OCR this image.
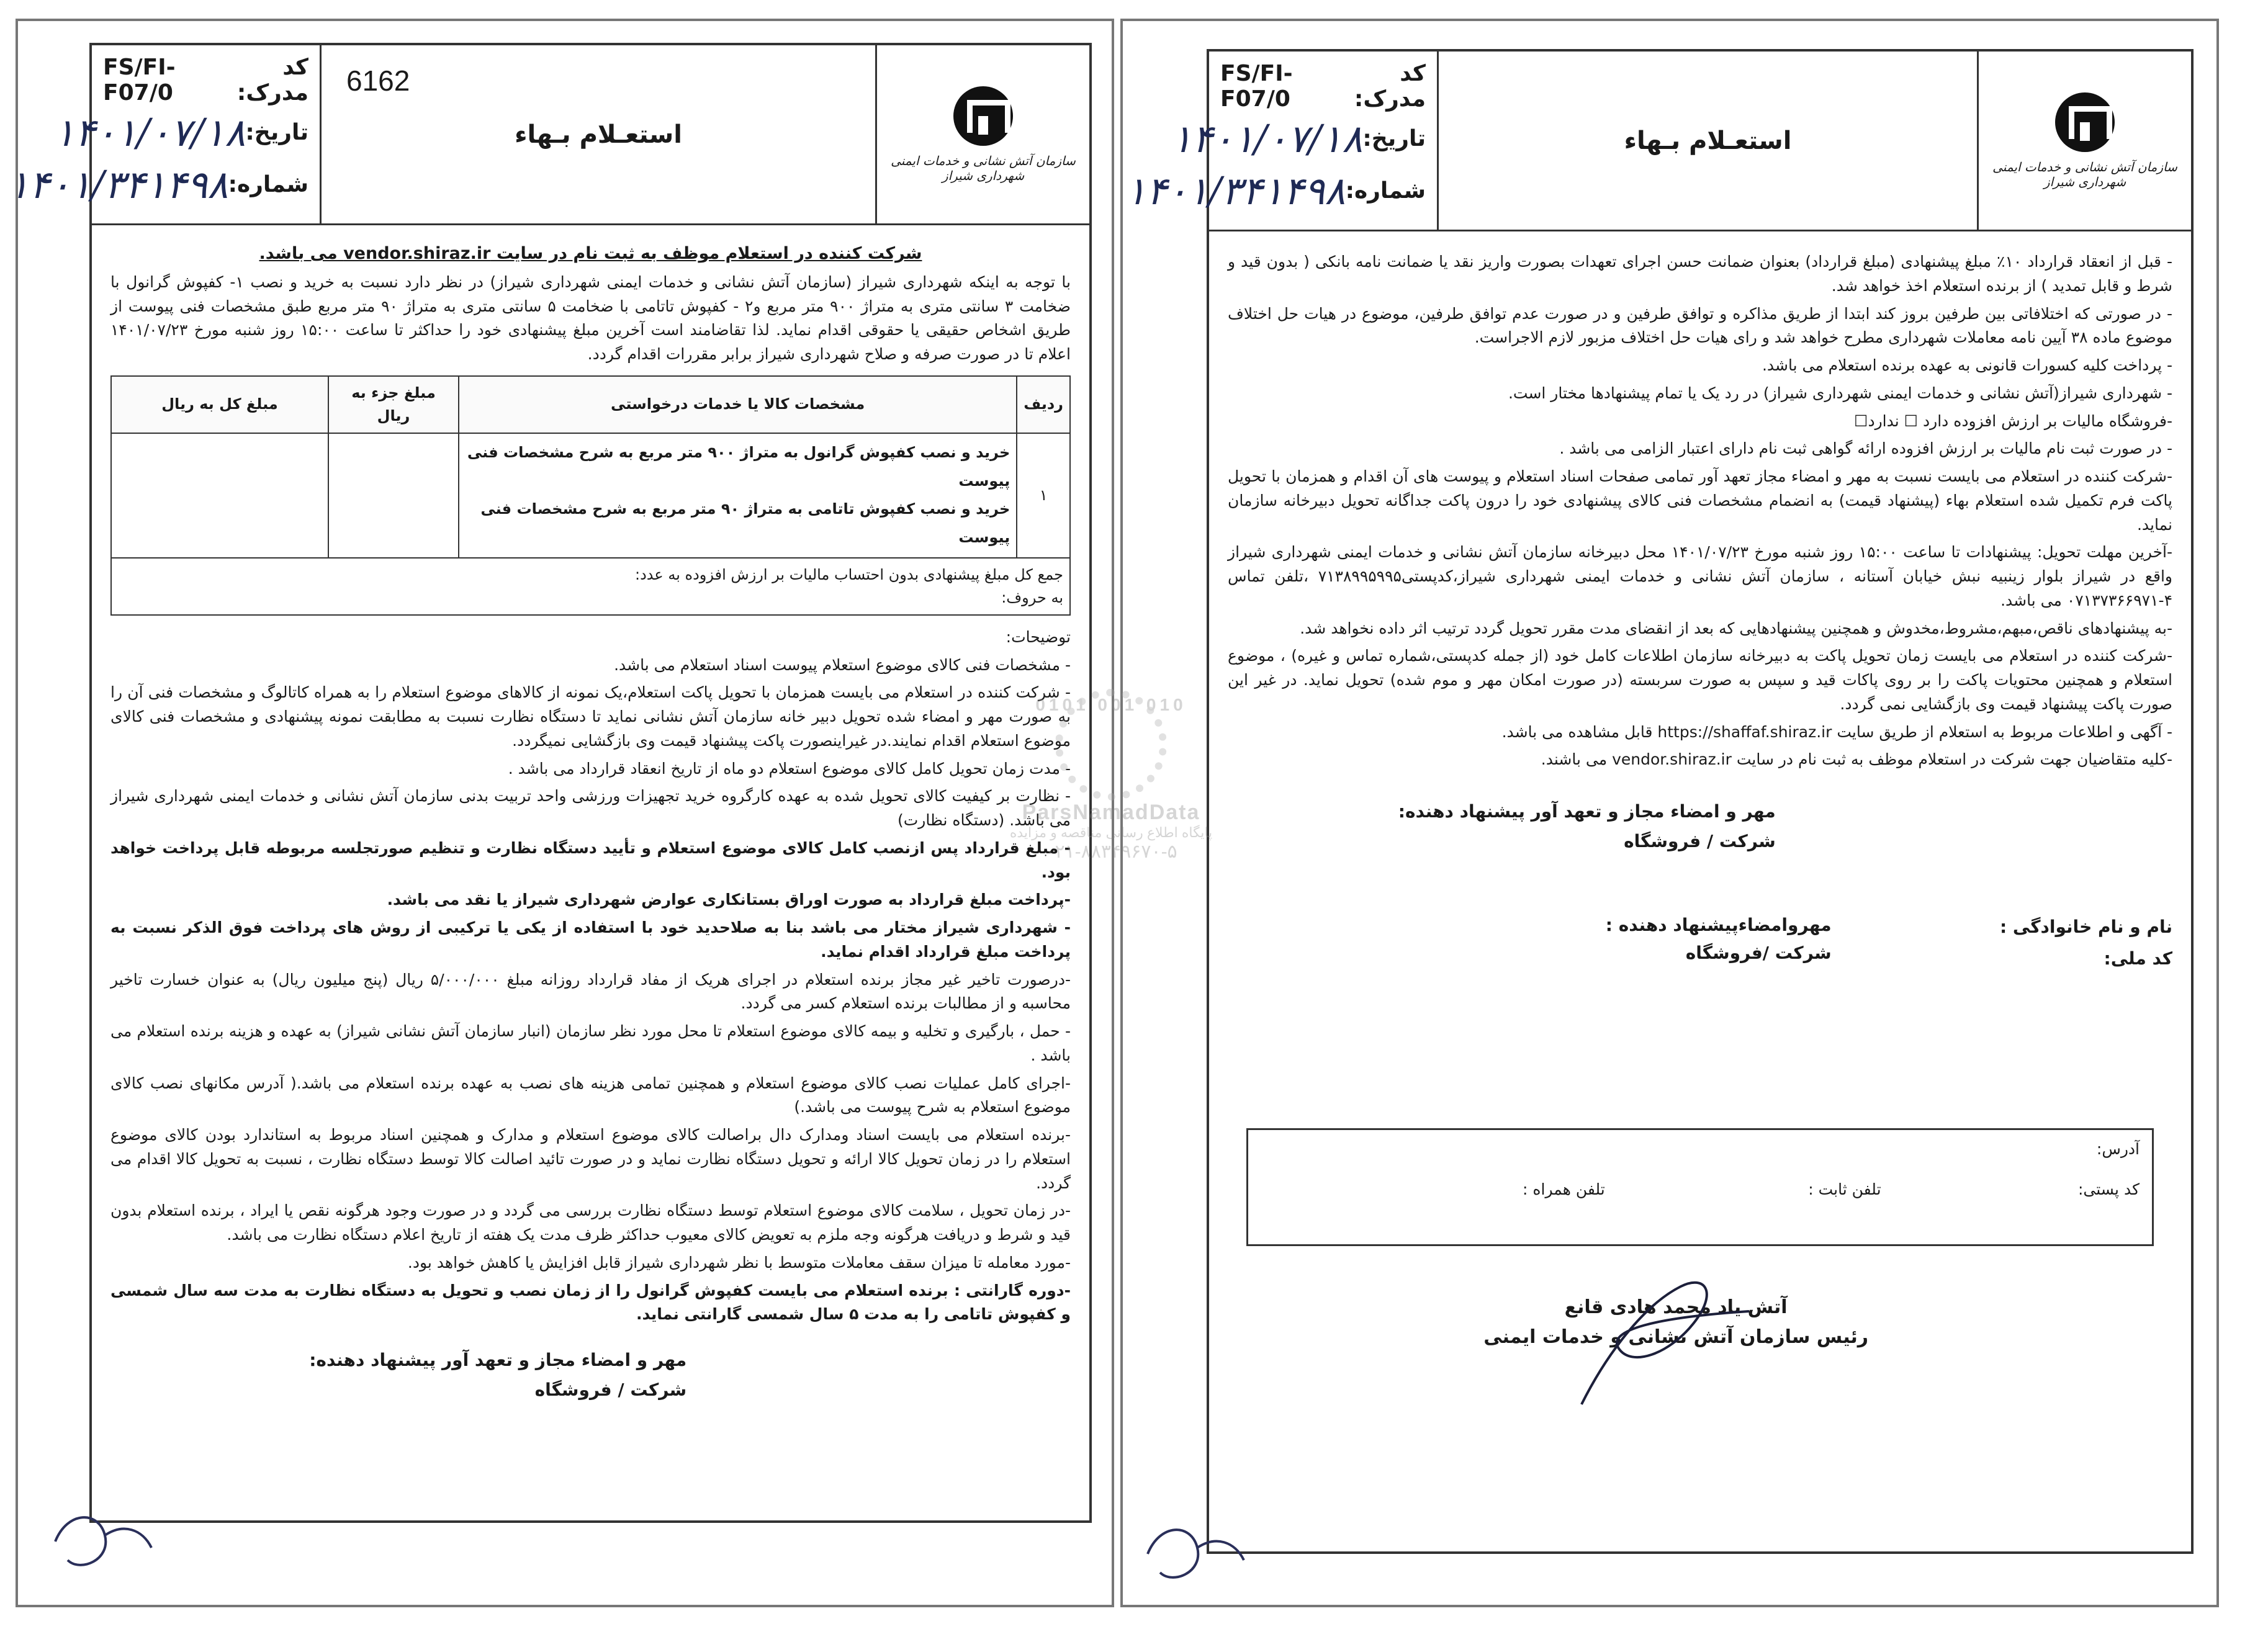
کد مدرک:
FS/FI-F07/0
تاریخ:
۱۴۰۱/۰۷/۱۸
شماره:
۱۴۰۱/۳۴۱۴۹۸
6162
استعـلام بـهاء
سازمان آتش نشانی و خدمات ایمنی شهرداری شیراز

شرکت کننده در استعلام موظف به ثبت نام در سایت vendor.shiraz.ir می باشد.

با توجه به اینکه شهرداری شیراز (سازمان آتش نشانی و خدمات ایمنی شهرداری شیراز) در نظر دارد نسبت به خرید و نصب ۱- کفپوش گرانول با ضخامت ۳ سانتی متری به متراژ ۹۰۰ متر مربع و۲ - کفپوش تاتامی با ضخامت ۵ سانتی متری به متراژ ۹۰ متر مربع طبق مشخصات فنی پیوست از طریق اشخاص حقیقی یا حقوقی اقدام نماید. لذا تقاضامند است آخرین مبلغ پیشنهادی خود را حداکثر تا ساعت ۱۵:۰۰ روز شنبه مورخ ۱۴۰۱/۰۷/۲۳ اعلام تا در صورت صرفه و صلاح شهرداری شیراز برابر مقررات اقدام گردد.

ردیف	مشخصات کالا یا خدمات درخواستی	مبلغ جزء به ریال	مبلغ کل به ریال
۱	خرید و نصب کفپوش گرانول به متراژ ۹۰۰ متر مربع به شرح مشخصات فنی پیوست
خرید و نصب کفپوش تاتامی به متراژ ۹۰ متر مربع به شرح مشخصات فنی پیوست		

جمع کل مبلغ پیشنهادی بدون احتساب مالیات بر ارزش افزوده به عدد:
به حروف:			

توضیحات:

- مشخصات فنی کالای موضوع استعلام پیوست اسناد استعلام می باشد.

- شرکت کننده در استعلام می بایست همزمان با تحویل پاکت استعلام،یک نمونه از کالاهای موضوع استعلام را به همراه کاتالوگ و مشخصات فنی آن را به صورت مهر و امضاء شده تحویل دبیر خانه سازمان آتش نشانی نماید تا دستگاه نظارت نسبت به مطابقت نمونه پیشنهادی و مشخصات فنی کالای موضوع استعلام اقدام نمایند.در غیراینصورت پاکت پیشنهاد قیمت وی بازگشایی نمیگردد.

- مدت زمان تحویل کامل کالای موضوع استعلام دو ماه از تاریخ انعقاد قرارداد می باشد .

- نظارت بر کیفیت کالای تحویل شده به عهده کارگروه خرید تجهیزات ورزشی واحد تربیت بدنی سازمان آتش نشانی و خدمات ایمنی شهرداری شیراز می باشد. (دستگاه نظارت)

- مبلغ قرارداد پس ازنصب کامل کالای موضوع استعلام و تأیید دستگاه نظارت و تنظیم صورتجلسه مربوطه قابل پرداخت خواهد بود.

-پرداخت مبلغ قرارداد به صورت اوراق بستانکاری عوارض شهرداری شیراز یا نقد می باشد.

- شهرداری شیراز مختار می باشد بنا به صلاحدید خود با استفاده از یکی یا ترکیبی از روش های پرداخت فوق الذکر نسبت به پرداخت مبلغ قرارداد اقدام نماید.

-درصورت تاخیر غیر مجاز برنده استعلام در اجرای هریک از مفاد قرارداد روزانه مبلغ ۵/۰۰۰/۰۰۰ ریال (پنج میلیون ریال) به عنوان خسارت تاخیر محاسبه و از مطالبات برنده استعلام کسر می گردد.

- حمل ، بارگیری و تخلیه و بیمه کالای موضوع استعلام تا محل مورد نظر سازمان (انبار سازمان آتش نشانی شیراز) به عهده و هزینه برنده استعلام می باشد .

-اجرای کامل عملیات نصب کالای موضوع استعلام و همچنین تمامی هزینه های نصب به عهده برنده استعلام می باشد.( آدرس مکانهای نصب کالای موضوع استعلام به شرح پیوست می باشد.)

-برنده استعلام می بایست اسناد ومدارک دال براصالت کالای موضوع استعلام و مدارک و همچنین اسناد مربوط به استاندارد بودن کالای موضوع استعلام را در زمان تحویل کالا ارائه و تحویل دستگاه نظارت نماید و در صورت تائید اصالت کالا توسط دستگاه نظارت ، نسبت به تحویل کالا اقدام می گردد.

-در زمان تحویل ، سلامت کالای موضوع استعلام توسط دستگاه نظارت بررسی می گردد و در صورت وجود هرگونه نقص یا ایراد ، برنده استعلام بدون قید و شرط و دریافت هرگونه وجه ملزم به تعویض کالای معیوب حداکثر ظرف مدت یک هفته از تاریخ اعلام دستگاه نظارت می باشد.

-مورد معامله تا میزان سقف معاملات متوسط با نظر شهرداری شیراز قابل افزایش یا کاهش خواهد بود.

-دوره گارانتی : برنده استعلام می بایست کفپوش گرانول را از زمان نصب و تحویل به دستگاه نظارت به مدت سه سال شمسی و کفپوش تاتامی را به مدت ۵ سال شمسی گارانتی نماید.

مهر و امضاء مجاز و تعهد آور پیشنهاد دهنده:
شرکت / فروشگاه
کد مدرک:
FS/FI-F07/0
تاریخ:
۱۴۰۱/۰۷/۱۸
شماره:
۱۴۰۱/۳۴۱۴۹۸
استعـلام بـهاء
سازمان آتش نشانی و خدمات ایمنی شهرداری شیراز

- قبل از انعقاد قرارداد ۱۰٪ مبلغ پیشنهادی (مبلغ قرارداد) بعنوان ضمانت حسن اجرای تعهدات بصورت واریز نقد یا ضمانت نامه بانکی ( بدون قید و شرط و قابل تمدید ) از برنده استعلام اخذ خواهد شد.

- در صورتی که اختلافاتی بین طرفین بروز کند ابتدا از طریق مذاکره و توافق طرفین و در صورت عدم توافق طرفین، موضوع در هیات حل اختلاف موضوع ماده ۳۸ آیین نامه معاملات شهرداری مطرح خواهد شد و رای هیات حل اختلاف مزبور لازم الاجراست.

- پرداخت کلیه کسورات قانونی به عهده برنده استعلام می باشد.

- شهرداری شیراز(آتش نشانی و خدمات ایمنی شهرداری شیراز) در رد یک یا تمام پیشنهادها مختار است.

-فروشگاه مالیات بر ارزش افزوده دارد ☐ ندارد☐

- در صورت ثبت نام مالیات بر ارزش افزوده ارائه گواهی ثبت نام دارای اعتبار الزامی می باشد .

-شرکت کننده در استعلام می بایست نسبت به مهر و امضاء مجاز تعهد آور تمامی صفحات اسناد استعلام و پیوست های آن اقدام و همزمان با تحویل پاکت فرم تکمیل شده استعلام بهاء (پیشنهاد قیمت) به انضمام مشخصات فنی کالای پیشنهادی خود را درون پاکت جداگانه تحویل دبیرخانه سازمان نماید.

-آخرین مهلت تحویل: پیشنهادات تا ساعت ۱۵:۰۰ روز شنبه مورخ ۱۴۰۱/۰۷/۲۳ محل دبیرخانه سازمان آتش نشانی و خدمات ایمنی شهرداری شیراز واقع در شیراز بلوار زینبیه نبش خیابان آستانه ، سازمان آتش نشانی و خدمات ایمنی شهرداری شیراز،کدپستی۷۱۳۸۹۹۵۹۹۵ ،تلفن تماس ۴-۰۷۱۳۷۳۶۶۹۷۱ می باشد.

-به پیشنهادهای ناقص،مبهم،مشروط،مخدوش و همچنین پیشنهادهایی که بعد از انقضای مدت مقرر تحویل گردد ترتیب اثر داده نخواهد شد.

-شرکت کننده در استعلام می بایست زمان تحویل پاکت به دبیرخانه سازمان اطلاعات کامل خود (از جمله کدپستی،شماره تماس و غیره) ، موضوع استعلام و همچنین محتویات پاکت را بر روی پاکات قید و سپس به صورت سربسته (در صورت امکان مهر و موم شده) تحویل نماید. در غیر این صورت پاکت پیشنهاد قیمت وی بازگشایی نمی گردد.

- آگهی و اطلاعات مربوط به استعلام از طریق سایت https://shaffaf.shiraz.ir قابل مشاهده می باشد.

-کلیه متقاضیان جهت شرکت در استعلام موظف به ثبت نام در سایت vendor.shiraz.ir می باشند.

مهر و امضاء مجاز و تعهد آور پیشنهاد دهنده:
شرکت / فروشگاه
نام و نام خانوادگی :
کد ملی:
مهروامضاءپیشنهاد دهنده :
شرکت /فروشگاه
آدرس:
کد پستی:
تلفن ثابت :
تلفن همراه :
آتش یاد محمد هادی قانع
رئیس سازمان آتش نشانی و خدمات ایمنی
0101 001 010
ParsNamadData
پایگاه اطلاع رسانی مناقصه و مزایده
۰۲۱-۸۸۳۴۹۶۷۰-۵
